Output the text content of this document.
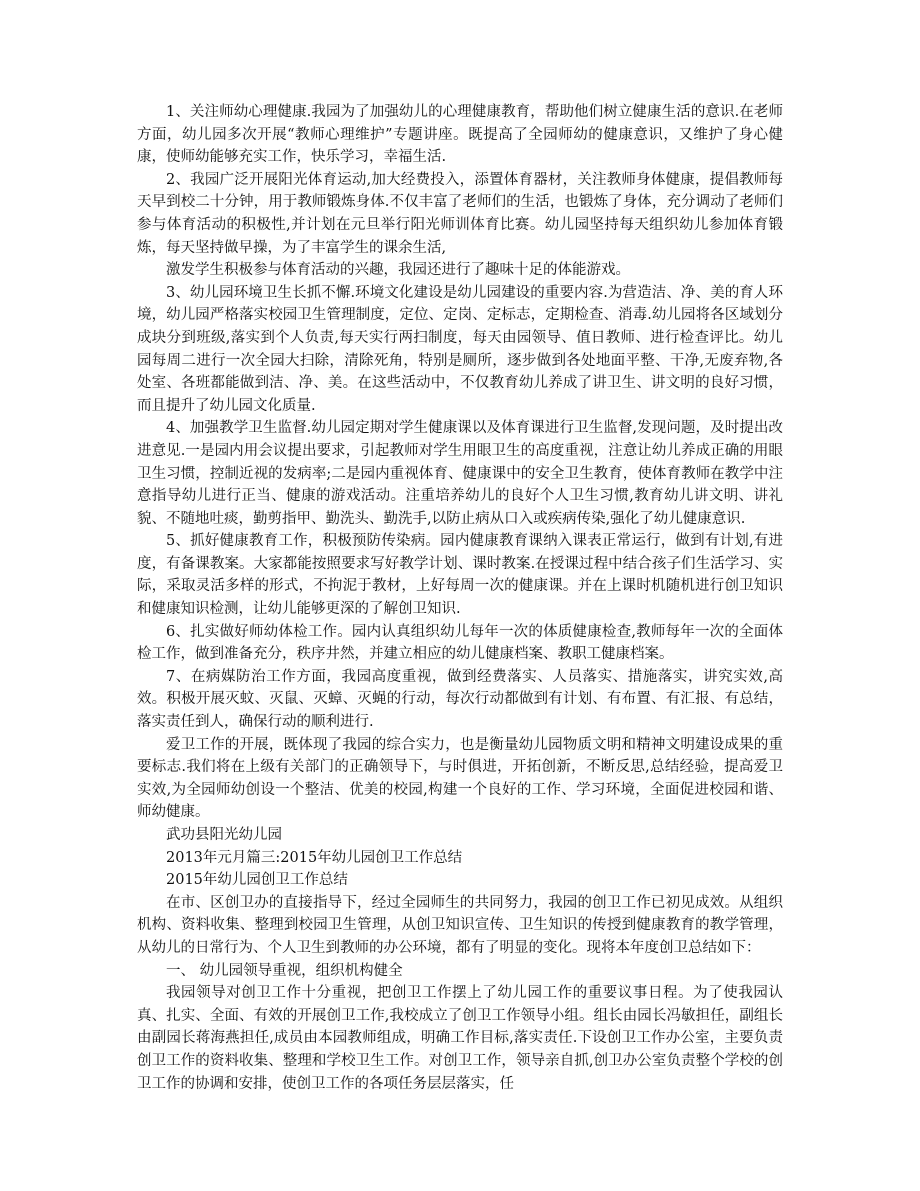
1、关注师幼心理健康.我园为了加强幼儿的心理健康教育，帮助他们树立健康生活的意识.在老师方面，幼儿园多次开展“教师心理维护”专题讲座。既提高了全园师幼的健康意识，又维护了身心健康，使师幼能够充实工作，快乐学习，幸福生活.

2、我园广泛开展阳光体育运动,加大经费投入，添置体育器材，关注教师身体健康，提倡教师每天早到校二十分钟，用于教师锻炼身体.不仅丰富了老师们的生活，也锻炼了身体，充分调动了老师们参与体育活动的积极性,并计划在元旦举行阳光师训体育比赛。幼儿园坚持每天组织幼儿参加体育锻炼，每天坚持做早操，为了丰富学生的课余生活,

激发学生积极参与体育活动的兴趣，我园还进行了趣味十足的体能游戏。

3、幼儿园环境卫生长抓不懈.环境文化建设是幼儿园建设的重要内容.为营造洁、净、美的育人环境，幼儿园严格落实校园卫生管理制度，定位、定岗、定标志，定期检查、消毒.幼儿园将各区域划分成块分到班级,落实到个人负责,每天实行两扫制度，每天由园领导、值日教师、进行检查评比。幼儿园每周二进行一次全园大扫除，清除死角，特别是厕所，逐步做到各处地面平整、干净,无废弃物,各处室、各班都能做到洁、净、美。在这些活动中，不仅教育幼儿养成了讲卫生、讲文明的良好习惯，而且提升了幼儿园文化质量.

4、加强教学卫生监督.幼儿园定期对学生健康课以及体育课进行卫生监督,发现问题，及时提出改进意见.一是园内用会议提出要求，引起教师对学生用眼卫生的高度重视，注意让幼儿养成正确的用眼卫生习惯，控制近视的发病率;二是园内重视体育、健康课中的安全卫生教育，使体育教师在教学中注意指导幼儿进行正当、健康的游戏活动。注重培养幼儿的良好个人卫生习惯,教育幼儿讲文明、讲礼貌、不随地吐痰，勤剪指甲、勤洗头、勤洗手,以防止病从口入或疾病传染,强化了幼儿健康意识.

5、抓好健康教育工作，积极预防传染病。园内健康教育课纳入课表正常运行，做到有计划,有进度，有备课教案。大家都能按照要求写好教学计划、课时教案.在授课过程中结合孩子们生活学习、实际，采取灵活多样的形式，不拘泥于教材，上好每周一次的健康课。并在上课时机随机进行创卫知识和健康知识检测，让幼儿能够更深的了解创卫知识.

6、扎实做好师幼体检工作。园内认真组织幼儿每年一次的体质健康检查,教师每年一次的全面体检工作，做到准备充分，秩序井然，并建立相应的幼儿健康档案、教职工健康档案。

7、在病媒防治工作方面，我园高度重视，做到经费落实、人员落实、措施落实，讲究实效,高效。积极开展灭蚊、灭鼠、灭蟑、灭蝇的行动，每次行动都做到有计划、有布置、有汇报、有总结，落实责任到人，确保行动的顺利进行.

爱卫工作的开展，既体现了我园的综合实力，也是衡量幼儿园物质文明和精神文明建设成果的重要标志.我们将在上级有关部门的正确领导下，与时俱进，开拓创新，不断反思,总结经验，提高爱卫实效,为全园师幼创设一个整洁、优美的校园,构建一个良好的工作、学习环境，全面促进校园和谐、师幼健康。

武功县阳光幼儿园

2013年元月篇三:2015年幼儿园创卫工作总结

2015年幼儿园创卫工作总结

在市、区创卫办的直接指导下，经过全园师生的共同努力，我园的创卫工作已初见成效。从组织机构、资料收集、整理到校园卫生管理，从创卫知识宣传、卫生知识的传授到健康教育的教学管理，从幼儿的日常行为、个人卫生到教师的办公环境，都有了明显的变化。现将本年度创卫总结如下：

一、 幼儿园领导重视，组织机构健全

我园领导对创卫工作十分重视，把创卫工作摆上了幼儿园工作的重要议事日程。为了使我园认真、扎实、全面、有效的开展创卫工作,我校成立了创卫工作领导小组。组长由园长冯敏担任，副组长由副园长蒋海燕担任,成员由本园教师组成，明确工作目标,落实责任.下设创卫工作办公室，主要负责创卫工作的资料收集、整理和学校卫生工作。对创卫工作，领导亲自抓,创卫办公室负责整个学校的创卫工作的协调和安排，使创卫工作的各项任务层层落实，任
